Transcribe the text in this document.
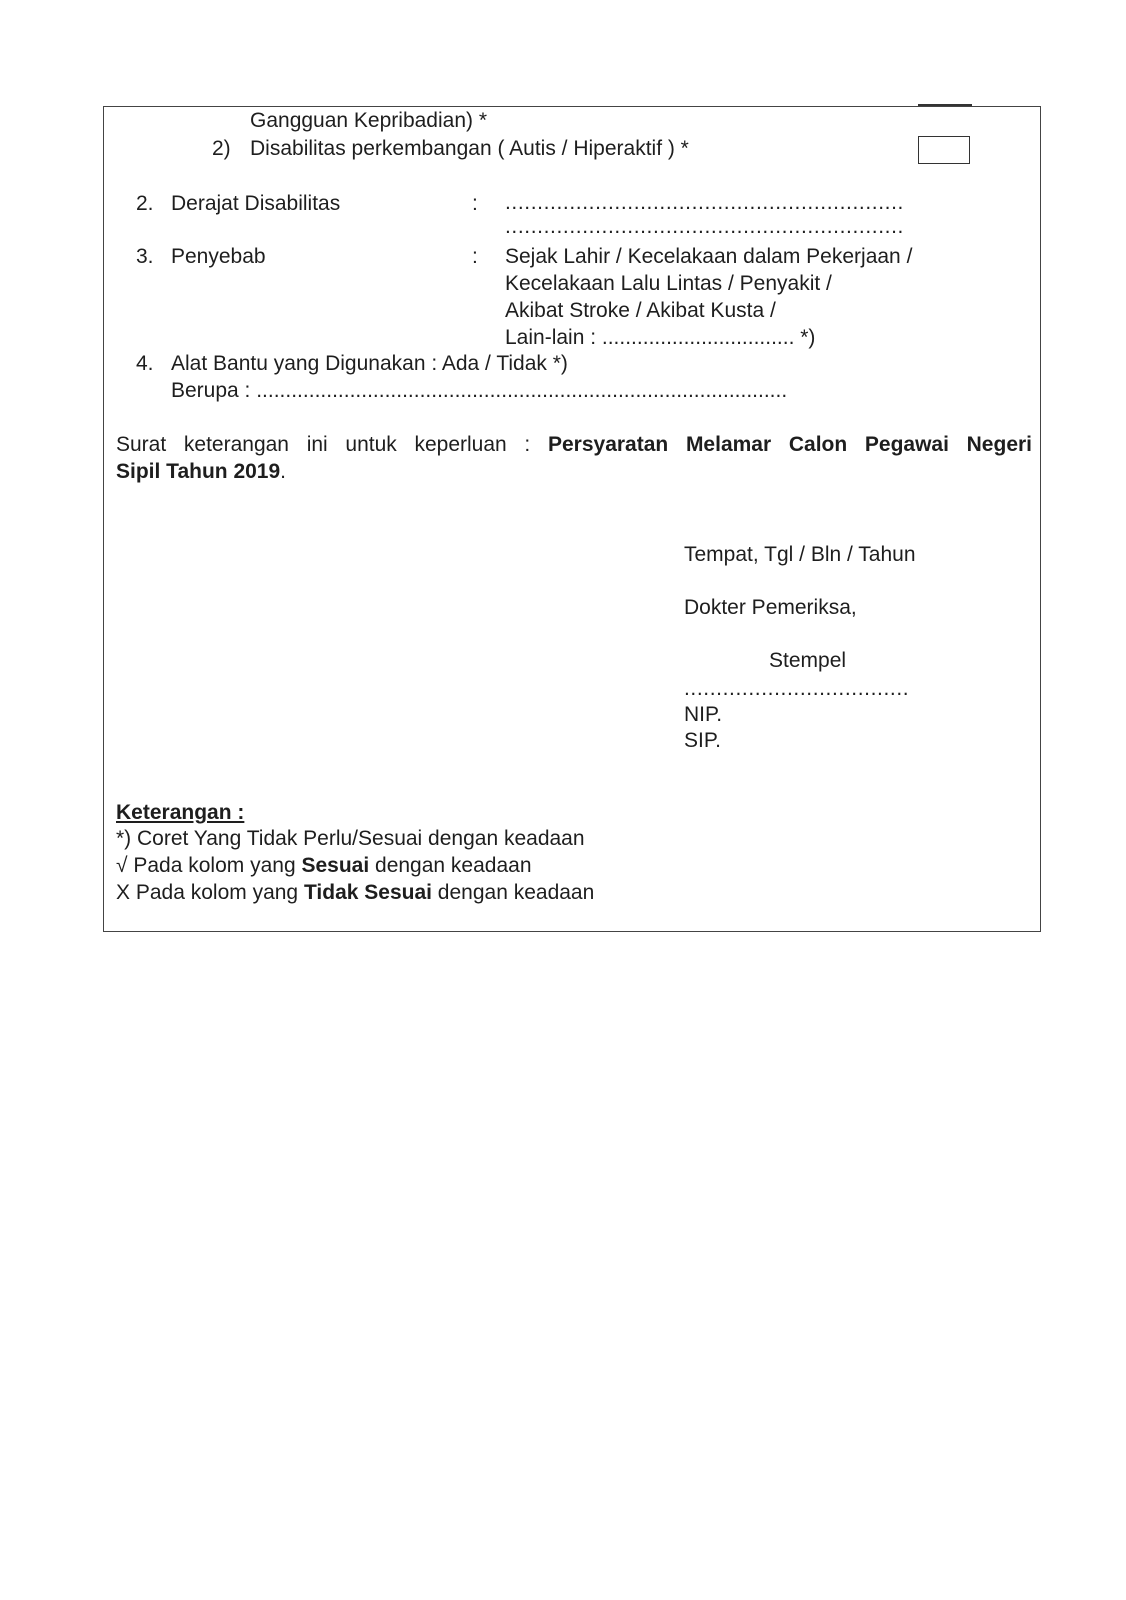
Gangguan Kepribadian) *
2) Disabilitas perkembangan ( Autis / Hiperaktif ) *
2. Derajat Disabilitas	: ..............................................................
..............................................................
3. Penyebab	: Sejak Lahir / Kecelakaan dalam Pekerjaan /
Kecelakaan Lalu Lintas / Penyakit /
Akibat Stroke / Akibat Kusta /
Lain-lain : ................................. *)
4. Alat Bantu yang Digunakan : Ada / Tidak *)
Berupa : ...........................................................................................
Surat keterangan ini untuk keperluan : Persyaratan Melamar Calon Pegawai Negeri
Sipil Tahun 2019.
Tempat, Tgl / Bln / Tahun
Dokter Pemeriksa,
Stempel
...................................
NIP.
SIP.
Keterangan :
*) Coret Yang Tidak Perlu/Sesuai dengan keadaan
√ Pada kolom yang Sesuai dengan keadaan
X Pada kolom yang Tidak Sesuai dengan keadaan
